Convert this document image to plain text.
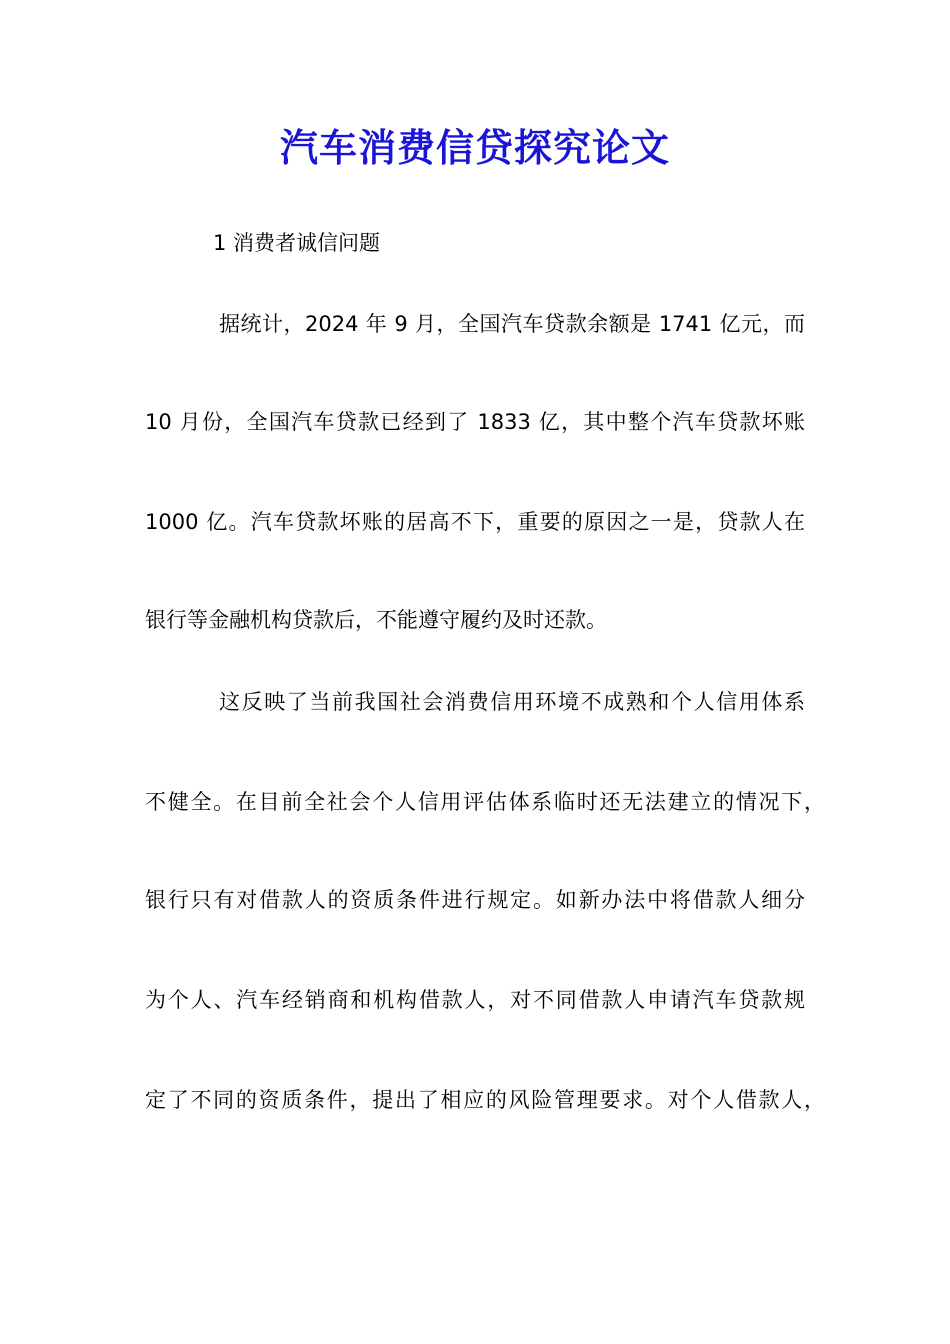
汽车消费信贷探究论文

1 消费者诚信问题

据统计，2024 年 9 月，全国汽车贷款余额是 1741 亿元，而

10 月份，全国汽车贷款已经到了 1833 亿，其中整个汽车贷款坏账

1000 亿。汽车贷款坏账的居高不下，重要的原因之一是，贷款人在

银行等金融机构贷款后，不能遵守履约及时还款。

这反映了当前我国社会消费信用环境不成熟和个人信用体系

不健全。在目前全社会个人信用评估体系临时还无法建立的情况下，

银行只有对借款人的资质条件进行规定。如新办法中将借款人细分

为个人、汽车经销商和机构借款人，对不同借款人申请汽车贷款规

定了不同的资质条件，提出了相应的风险管理要求。对个人借款人，
